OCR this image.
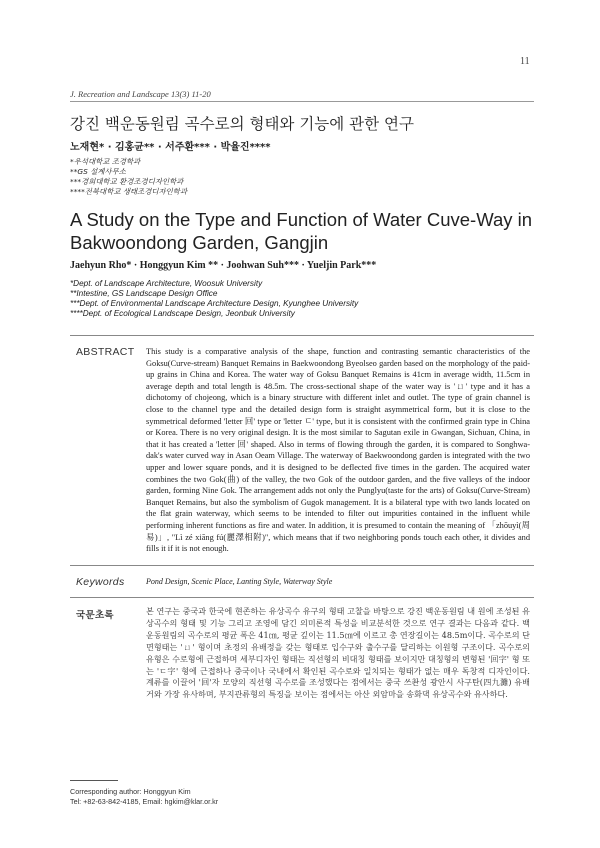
11
J. Recreation and Landscape 13(3) 11-20
강진 백운동원림 곡수로의 형태와 기능에 관한 연구
노재현* · 김홍균** · 서주환*** · 박율진****
*우석대학교 조경학과
**GS 설계사무소
***경희대학교 환경조경디자인학과
****전북대학교 생태조경디자인학과
A Study on the Type and Function of Water Cuve-Way in Bakwoondong Garden, Gangjin
Jaehyun Rho* · Honggyun Kim ** · Joohwan Suh*** · Yueljin Park***
*Dept. of Landscape Architecture, Woosuk University
**Intestine, GS Landscape Design Office
***Dept. of Environmental Landscape Architecture Design, Kyunghee University
****Dept. of Ecological Landscape Design, Jeonbuk University
ABSTRACT This study is a comparative analysis of the shape, function and contrasting semantic characteristics of the Goksu(Curve-stream) Banquet Remains in Baekwoondong Byeolseo garden based on the morphology of the paid-up grains in China and Korea. The water way of Goksu Banquet Remains is 41cm in average width, 11.5cm in average depth and total length is 48.5m. The cross-sectional shape of the water way is 'ㄩ' type and it has a dichotomy of chojeong, which is a binary structure with different inlet and outlet. The type of grain channel is close to the channel type and the detailed design form is straight asymmetrical form, but it is close to the symmetrical deformed 'letter 回' type or 'letter ㄷ' type, but it is consistent with the confirmed grain type in China or Korea. There is no very original design. It is the most similar to Sagutan exile in Gwangan, Sichuan, China, in that it has created a 'letter 回' shaped. Also in terms of flowing through the garden, it is compared to Songhwa-dak's water curved way in Asan Oeam Village. The waterway of Baekwoondong garden is integrated with the two upper and lower square ponds, and it is designed to be deflected five times in the garden. The acquired water combines the two Gok(曲) of the valley, the two Gok of the outdoor garden, and the five valleys of the indoor garden, forming Nine Gok. The arrangement adds not only the Punglyu(taste for the arts) of Goksu(Curve-Stream) Banquet Remains, but also the symbolism of Gugok management. It is a bilateral type with two lands located on the flat grain waterway, which seems to be intended to filter out impurities contained in the influent while performing inherent functions as fire and water. In addition, it is presumed to contain the meaning of 「zhōuyì(周易)」, "Lì zé xiāng fú(麗澤相附)", which means that if two neighboring ponds touch each other, it divides and fills it if it is not enough.
Keywords	Pond Design, Scenic Place, Lanting Style, Waterway Style
국문초록	본 연구는 중국과 한국에 현존하는 유상곡수 유구의 형태 고찰을 바탕으로 강진 백운동원림 내 원에 조성된 유상곡수의 형태 및 기능 그리고 조영에 담긴 의미론적 특성을 비교분석한 것으로 연구 결과는 다음과 같다. 백운동원림의 곡수로의 평균 폭은 41㎝, 평균 깊이는 11.5㎝에 이르고 총 연장길이는 48.5m이다. 곡수로의 단면형태는 'ㄩ' 형이며 초정의 유배정을 갖는 형태로 입수구와 출수구를 달리하는 이원형 구조이다. 곡수로의 유형은 수로형에 근접하며 세부디자인 형태는 직선형의 비대칭 형태를 보이지만 대칭형의 변형된 '回字' 형 또는 'ㄷ字' 형에 근접하나 중국이나 국내에서 확인된 곡수로와 일치되는 형태가 없는 매우 독창적 디자인이다. 계류를 이끌어 '回'자 모양의 직선형 곡수로를 조성했다는 점에서는 중국 쓰촨성 광안시 사구탄(四九灘) 유배거와 가장 유사하며, 부지관류형의 특징을 보이는 점에서는 아산 외암마을 송화댁 유상곡수와 유사하다.
Corresponding author: Honggyun Kim
Tel: +82-63-842-4185, Email: hgkim@klar.or.kr
